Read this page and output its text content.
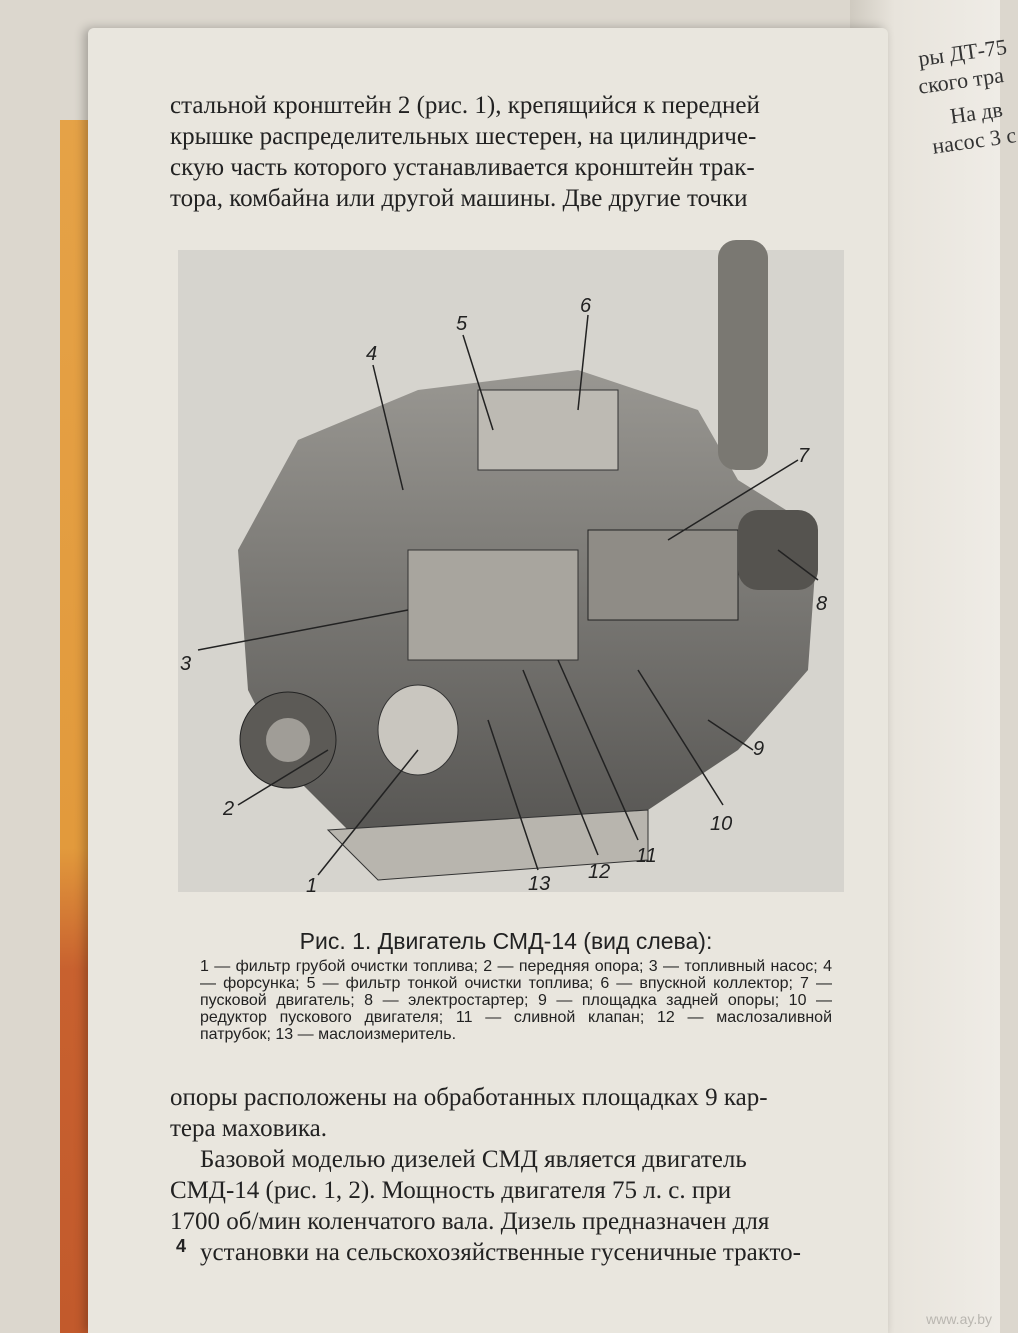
ры ДТ-75
ского тра
На дв
насос 3 с

стальной кронштейн 2 (рис. 1), крепящийся к передней

крышке распределительных шестерен, на цилиндриче-

скую часть которого устанавливается кронштейн трак-

тора, комбайна или другой машины. Две другие точки

1
2
3
4
5
6
7
8
9
10
11
12
13
Рис. 1. Двигатель СМД-14 (вид слева):
1 — фильтр грубой очистки топлива; 2 — передняя опора; 3 — топливный насос; 4 — форсунка; 5 — фильтр тонкой очистки топлива; 6 — впускной коллектор; 7 — пусковой двигатель; 8 — электростартер; 9 — площадка задней опоры; 10 — редуктор пускового двигателя; 11 — сливной клапан; 12 — маслозаливной патрубок; 13 — маслоизмеритель.

опоры расположены на обработанных площадках 9 кар-

тера маховика.

Базовой моделью дизелей СМД является двигатель

СМД-14 (рис. 1, 2). Мощность двигателя 75 л. с. при

1700 об/мин коленчатого вала. Дизель предназначен для

установки на сельскохозяйственные гусеничные тракто-

4
www.ay.by
